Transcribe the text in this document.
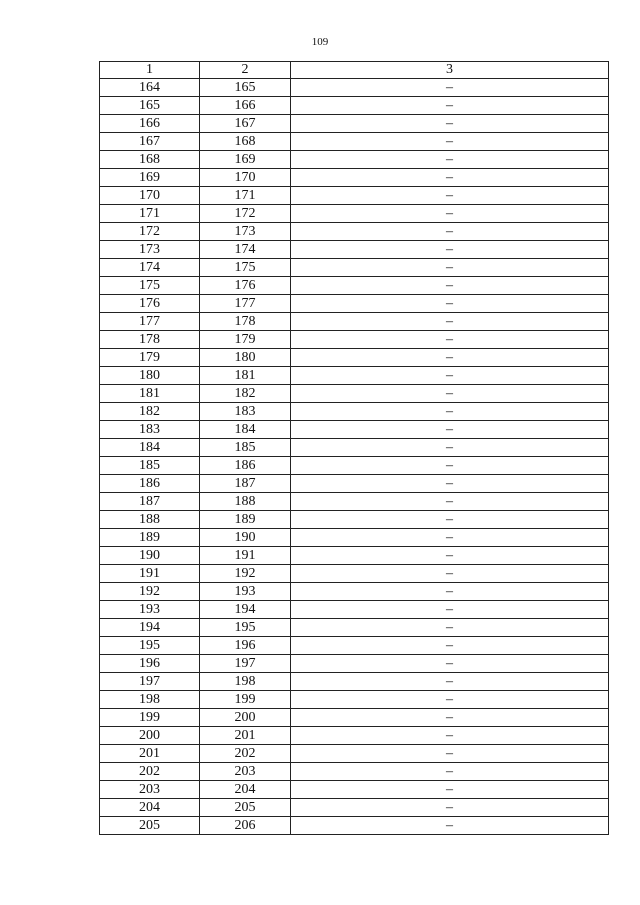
109
1	2	3
164	165	–
165	166	–
166	167	–
167	168	–
168	169	–
169	170	–
170	171	–
171	172	–
172	173	–
173	174	–
174	175	–
175	176	–
176	177	–
177	178	–
178	179	–
179	180	–
180	181	–
181	182	–
182	183	–
183	184	–
184	185	–
185	186	–
186	187	–
187	188	–
188	189	–
189	190	–
190	191	–
191	192	–
192	193	–
193	194	–
194	195	–
195	196	–
196	197	–
197	198	–
198	199	–
199	200	–
200	201	–
201	202	–
202	203	–
203	204	–
204	205	–
205	206	–
